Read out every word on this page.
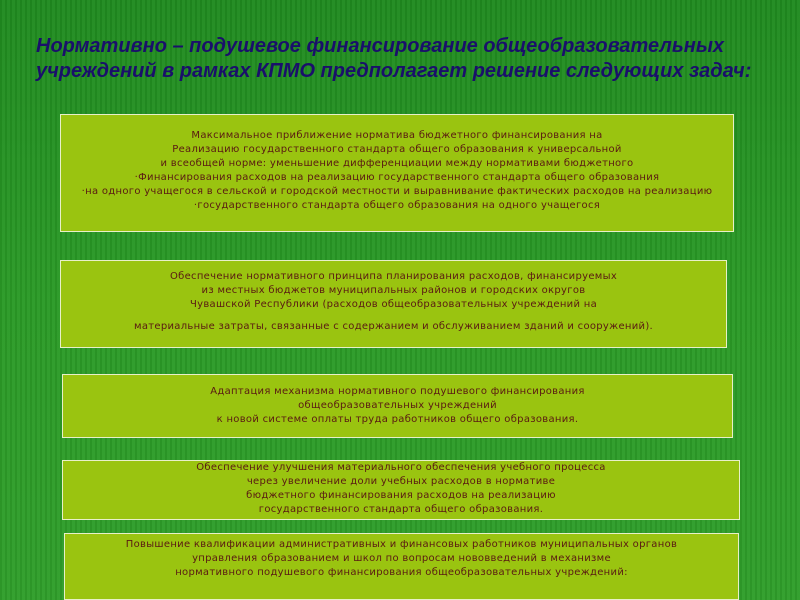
Нормативно – подушевое финансирование общеобразовательных учреждений в рамках КПМО предполагает решение следующих задач:
Максимальное приближение норматива бюджетного финансирования на
Реализацию государственного стандарта общего образования к универсальной
и всеобщей норме: уменьшение дифференциации между нормативами бюджетного
·Финансирования расходов на реализацию государственного стандарта общего образования
·на одного учащегося в сельской и городской местности и выравнивание фактических расходов на реализацию
·государственного стандарта общего образования на одного учащегося
Обеспечение нормативного принципа планирования расходов, финансируемых
из местных бюджетов муниципальных районов и городских округов
Чувашской Республики (расходов общеобразовательных учреждений на
материальные затраты, связанные с содержанием и обслуживанием зданий и сооружений).
Адаптация механизма нормативного подушевого финансирования
общеобразовательных учреждений
к новой системе оплаты труда работников общего образования.
Обеспечение улучшения материального обеспечения учебного процесса
через увеличение доли учебных расходов в нормативе
бюджетного финансирования расходов на реализацию
государственного стандарта общего образования.
Повышение квалификации административных и финансовых работников муниципальных органов
управления образованием и школ по вопросам нововведений в механизме
нормативного подушевого финансирования общеобразовательных учреждений:
